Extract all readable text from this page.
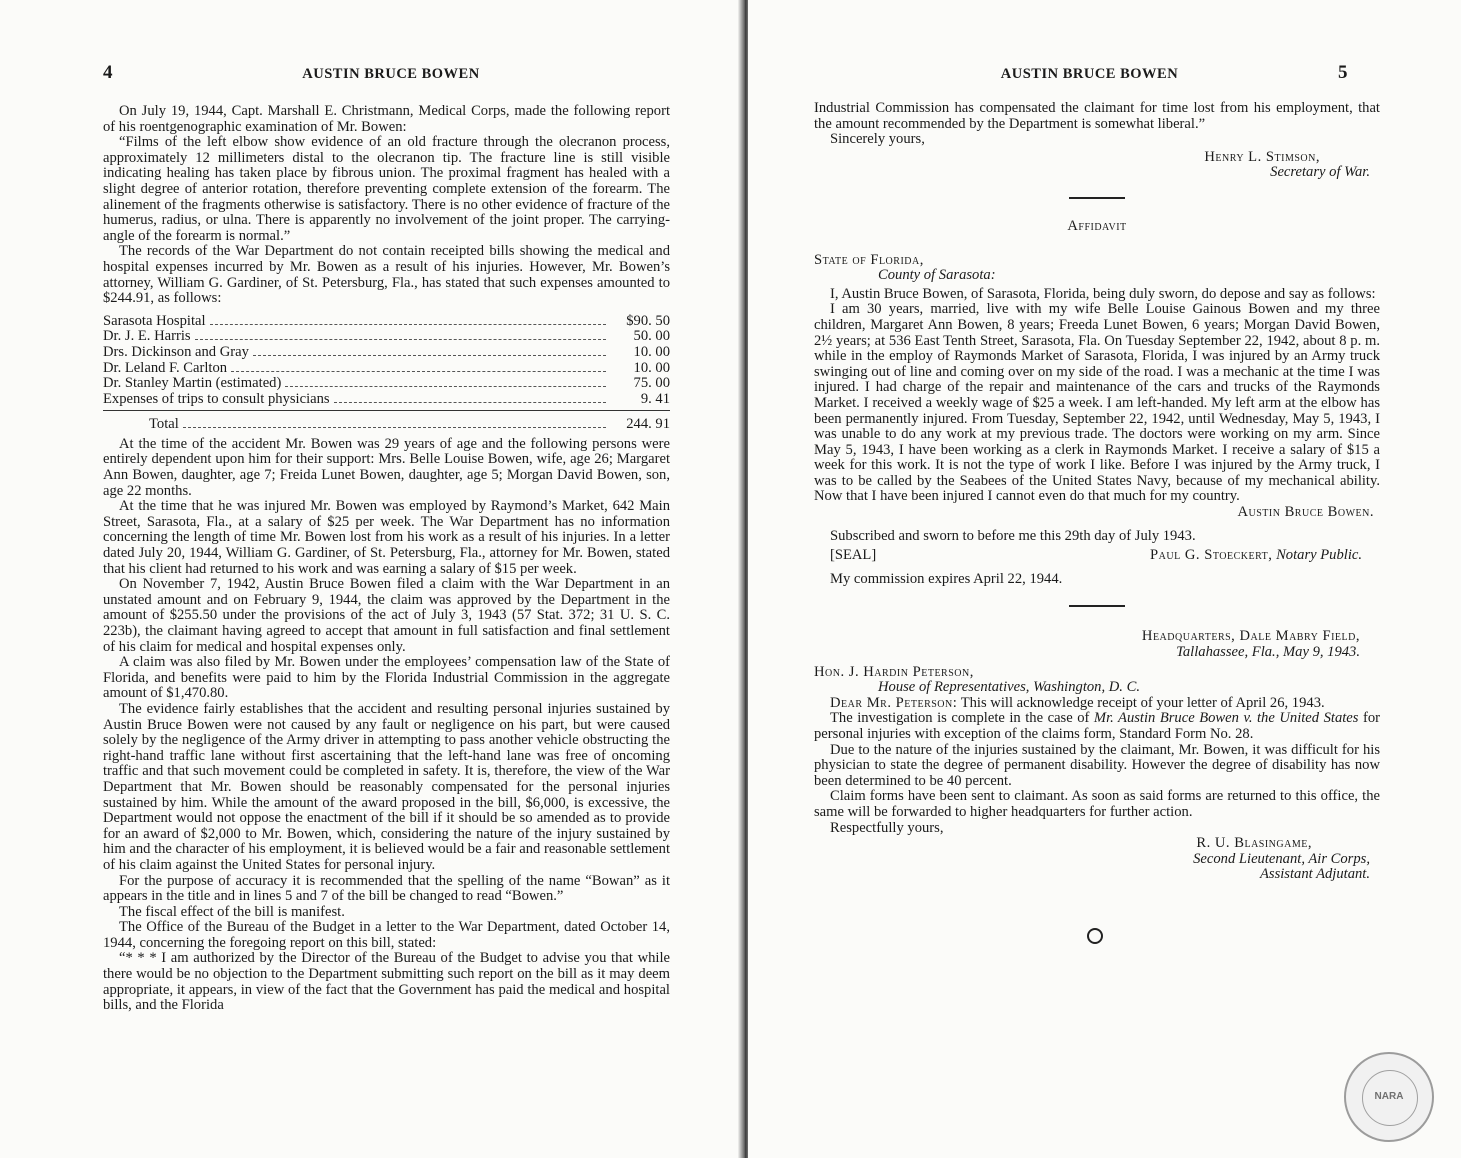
4	AUSTIN BRUCE BOWEN

On July 19, 1944, Capt. Marshall E. Christmann, Medical Corps, made the following report of his roentgenographic examination of Mr. Bowen:

“Films of the left elbow show evidence of an old fracture through the olecranon process, approximately 12 millimeters distal to the olecranon tip. The fracture line is still visible indicating healing has taken place by fibrous union. The proximal fragment has healed with a slight degree of anterior rotation, therefore preventing complete extension of the forearm. The alinement of the fragments otherwise is satisfactory. There is no other evidence of fracture of the humerus, radius, or ulna. There is apparently no involvement of the joint proper. The carrying-angle of the forearm is normal.”

The records of the War Department do not contain receipted bills showing the medical and hospital expenses incurred by Mr. Bowen as a result of his injuries. However, Mr. Bowen’s attorney, William G. Gardiner, of St. Petersburg, Fla., has stated that such expenses amounted to $244.91, as follows:

Sarasota Hospital	$90. 50
Dr. J. E. Harris	50. 00
Drs. Dickinson and Gray	10. 00
Dr. Leland F. Carlton	10. 00
Dr. Stanley Martin (estimated)	75. 00
Expenses of trips to consult physicians	9. 41
Total	244. 91

At the time of the accident Mr. Bowen was 29 years of age and the following persons were entirely dependent upon him for their support: Mrs. Belle Louise Bowen, wife, age 26; Margaret Ann Bowen, daughter, age 7; Freida Lunet Bowen, daughter, age 5; Morgan David Bowen, son, age 22 months.

At the time that he was injured Mr. Bowen was employed by Raymond’s Market, 642 Main Street, Sarasota, Fla., at a salary of $25 per week. The War Department has no information concerning the length of time Mr. Bowen lost from his work as a result of his injuries. In a letter dated July 20, 1944, William G. Gardiner, of St. Petersburg, Fla., attorney for Mr. Bowen, stated that his client had returned to his work and was earning a salary of $15 per week.

On November 7, 1942, Austin Bruce Bowen filed a claim with the War Department in an unstated amount and on February 9, 1944, the claim was approved by the Department in the amount of $255.50 under the provisions of the act of July 3, 1943 (57 Stat. 372; 31 U. S. C. 223b), the claimant having agreed to accept that amount in full satisfaction and final settlement of his claim for medical and hospital expenses only.

A claim was also filed by Mr. Bowen under the employees’ compensation law of the State of Florida, and benefits were paid to him by the Florida Industrial Commission in the aggregate amount of $1,470.80.

The evidence fairly establishes that the accident and resulting personal injuries sustained by Austin Bruce Bowen were not caused by any fault or negligence on his part, but were caused solely by the negligence of the Army driver in attempting to pass another vehicle obstructing the right-hand traffic lane without first ascertaining that the left-hand lane was free of oncoming traffic and that such movement could be completed in safety. It is, therefore, the view of the War Department that Mr. Bowen should be reasonably compensated for the personal injuries sustained by him. While the amount of the award proposed in the bill, $6,000, is excessive, the Department would not oppose the enactment of the bill if it should be so amended as to provide for an award of $2,000 to Mr. Bowen, which, considering the nature of the injury sustained by him and the character of his employment, it is believed would be a fair and reasonable settlement of his claim against the United States for personal injury.

For the purpose of accuracy it is recommended that the spelling of the name “Bowan” as it appears in the title and in lines 5 and 7 of the bill be changed to read “Bowen.”

The fiscal effect of the bill is manifest.

The Office of the Bureau of the Budget in a letter to the War Department, dated October 14, 1944, concerning the foregoing report on this bill, stated:

“* * * I am authorized by the Director of the Bureau of the Budget to advise you that while there would be no objection to the Department submitting such report on the bill as it may deem appropriate, it appears, in view of the fact that the Government has paid the medical and hospital bills, and the Florida

AUSTIN BRUCE BOWEN	5

Industrial Commission has compensated the claimant for time lost from his employment, that the amount recommended by the Department is somewhat liberal.”

Sincerely yours,

Henry L. Stimson,
Secretary of War.
Affidavit
State of Florida,
County of Sarasota:

I, Austin Bruce Bowen, of Sarasota, Florida, being duly sworn, do depose and say as follows:

I am 30 years, married, live with my wife Belle Louise Gainous Bowen and my three children, Margaret Ann Bowen, 8 years; Freeda Lunet Bowen, 6 years; Morgan David Bowen, 2½ years; at 536 East Tenth Street, Sarasota, Fla. On Tuesday September 22, 1942, about 8 p. m. while in the employ of Raymonds Market of Sarasota, Florida, I was injured by an Army truck swinging out of line and coming over on my side of the road. I was a mechanic at the time I was injured. I had charge of the repair and maintenance of the cars and trucks of the Raymonds Market. I received a weekly wage of $25 a week. I am left-handed. My left arm at the elbow has been permanently injured. From Tuesday, September 22, 1942, until Wednesday, May 5, 1943, I was unable to do any work at my previous trade. The doctors were working on my arm. Since May 5, 1943, I have been working as a clerk in Raymonds Market. I receive a salary of $15 a week for this work. It is not the type of work I like. Before I was injured by the Army truck, I was to be called by the Seabees of the United States Navy, because of my mechanical ability. Now that I have been injured I cannot even do that much for my country.

Austin Bruce Bowen.

Subscribed and sworn to before me this 29th day of July 1943.

[SEAL]	Paul G. Stoeckert, Notary Public.

My commission expires April 22, 1944.

Headquarters, Dale Mabry Field,
Tallahassee, Fla., May 9, 1943.
Hon. J. Hardin Peterson,
House of Representatives, Washington, D. C.

Dear Mr. Peterson: This will acknowledge receipt of your letter of April 26, 1943.

The investigation is complete in the case of Mr. Austin Bruce Bowen v. the United States for personal injuries with exception of the claims form, Standard Form No. 28.

Due to the nature of the injuries sustained by the claimant, Mr. Bowen, it was difficult for his physician to state the degree of permanent disability. However the degree of disability has now been determined to be 40 percent.

Claim forms have been sent to claimant. As soon as said forms are returned to this office, the same will be forwarded to higher headquarters for further action.

Respectfully yours,

R. U. Blasingame,
Second Lieutenant, Air Corps,
Assistant Adjutant.
NARA
